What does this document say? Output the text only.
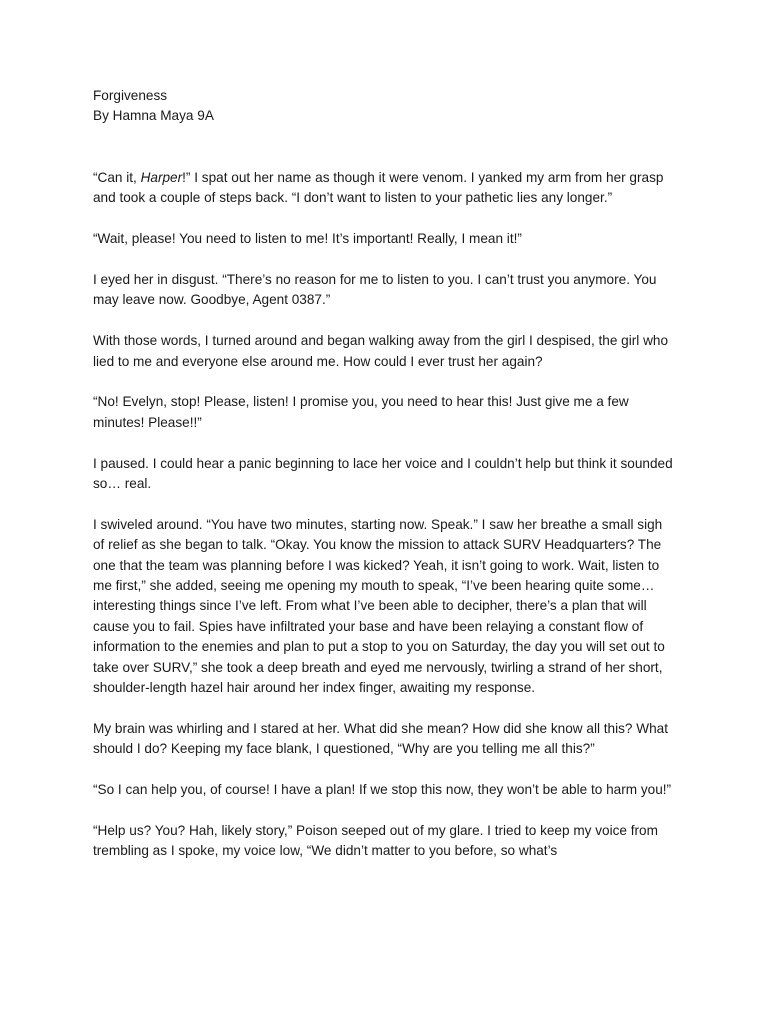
Forgiveness

By Hamna Maya 9A

“Can it, Harper!” I spat out her name as though it were venom. I yanked my arm from her grasp and took a couple of steps back. “I don’t want to listen to your pathetic lies any longer.”

“Wait, please! You need to listen to me! It’s important! Really, I mean it!”

I eyed her in disgust. “There’s no reason for me to listen to you. I can’t trust you anymore. You may leave now. Goodbye, Agent 0387.”

With those words, I turned around and began walking away from the girl I despised, the girl who lied to me and everyone else around me. How could I ever trust her again?

“No! Evelyn, stop! Please, listen! I promise you, you need to hear this! Just give me a few minutes! Please!!”

I paused. I could hear a panic beginning to lace her voice and I couldn’t help but think it sounded so… real.

I swiveled around. “You have two minutes, starting now. Speak.” I saw her breathe a small sigh of relief as she began to talk. “Okay. You know the mission to attack SURV Headquarters? The one that the team was planning before I was kicked? Yeah, it isn’t going to work. Wait, listen to me first,” she added, seeing me opening my mouth to speak, “I’ve been hearing quite some… interesting things since I’ve left. From what I’ve been able to decipher, there’s a plan that will cause you to fail. Spies have infiltrated your base and have been relaying a constant flow of information to the enemies and plan to put a stop to you on Saturday, the day you will set out to take over SURV,” she took a deep breath and eyed me nervously, twirling a strand of her short, shoulder-length hazel hair around her index finger, awaiting my response.

My brain was whirling and I stared at her. What did she mean? How did she know all this? What should I do? Keeping my face blank, I questioned, “Why are you telling me all this?”

“So I can help you, of course! I have a plan! If we stop this now, they won’t be able to harm you!”

“Help us? You? Hah, likely story,” Poison seeped out of my glare. I tried to keep my voice from trembling as I spoke, my voice low, “We didn’t matter to you before, so what’s
